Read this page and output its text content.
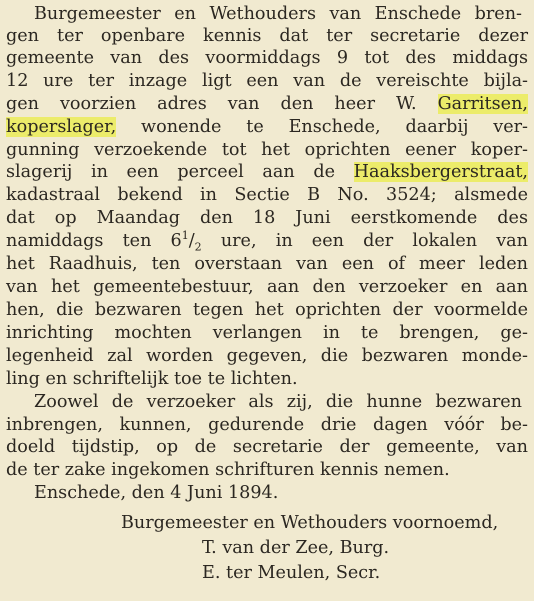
Burgemeester en Wethouders van Enschede bren-
gen ter openbare kennis dat ter secretarie dezer
gemeente van des voormiddags 9 tot des middags
12 ure ter inzage ligt een van de vereischte bijla-
gen voorzien adres van den heer W. Garritsen,
koperslager, wonende te Enschede, daarbij ver-
gunning verzoekende tot het oprichten eener koper-
slagerij in een perceel aan de Haaksbergerstraat,
kadastraal bekend in Sectie B No. 3524; alsmede
dat op Maandag den 18 Juni eerstkomende des
namiddags ten $6^1/_2$ ure, in een der lokalen van
het Raadhuis, ten overstaan van een of meer leden
van het gemeentebestuur, aan den verzoeker en aan
hen, die bezwaren tegen het oprichten der voormelde
inrichting mochten verlangen in te brengen, ge-
legenheid zal worden gegeven, die bezwaren monde-
ling en schriftelijk toe te lichten.
Zoowel de verzoeker als zij, die hunne bezwaren
inbrengen, kunnen, gedurende drie dagen vóór be-
doeld tijdstip, op de secretarie der gemeente, van
de ter zake ingekomen schrifturen kennis nemen.
Enschede, den 4 Juni 1894.
Burgemeester en Wethouders voornoemd,
T. van der Zee, Burg.
E. ter Meulen, Secr.
